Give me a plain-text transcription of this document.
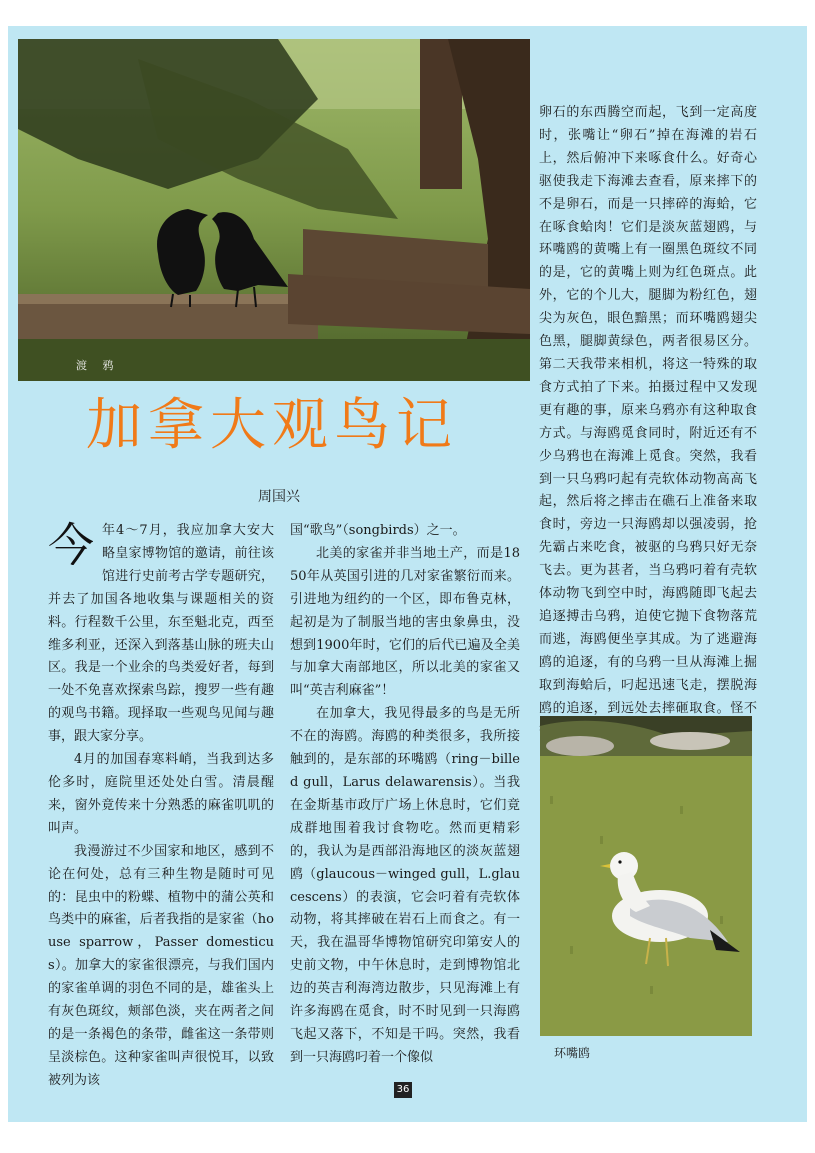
渡 鸦
加拿大观鸟记
周国兴

今年4～7月，我应加拿大安大略皇家博物馆的邀请，前往该馆进行史前考古学专题研究，并去了加国各地收集与课题相关的资料。行程数千公里，东至魁北克，西至维多利亚，还深入到落基山脉的班夫山区。我是一个业余的鸟类爱好者，每到一处不免喜欢探索鸟踪，搜罗一些有趣的观鸟书籍。现择取一些观鸟见闻与趣事，跟大家分享。

4月的加国春寒料峭，当我到达多伦多时，庭院里还处处白雪。清晨醒来，窗外竟传来十分熟悉的麻雀叽叽的叫声。

我漫游过不少国家和地区，感到不论在何处，总有三种生物是随时可见的：昆虫中的粉蝶、植物中的蒲公英和鸟类中的麻雀，后者我指的是家雀（house sparrow，Passer domesticus）。加拿大的家雀很漂亮，与我们国内的家雀单调的羽色不同的是，雄雀头上有灰色斑纹，颊部色淡，夹在两者之间的是一条褐色的条带，雌雀这一条带则呈淡棕色。这种家雀叫声很悦耳，以致被列为该

国“歌鸟”（songbirds）之一。

北美的家雀并非当地土产，而是1850年从英国引进的几对家雀繁衍而来。引进地为纽约的一个区，即布鲁克林，起初是为了制服当地的害虫象鼻虫，没想到1900年时，它们的后代已遍及全美与加拿大南部地区，所以北美的家雀又叫“英吉利麻雀”！

在加拿大，我见得最多的鸟是无所不在的海鸥。海鸥的种类很多，我所接触到的，是东部的环嘴鸥（ring－billed gull，Larus delawarensis）。当我在金斯基市政厅广场上休息时，它们竟成群地围着我讨食物吃。然而更精彩的，我认为是西部沿海地区的淡灰蓝翅鸥（glaucous－winged gull，L.glaucescens）的表演，它会叼着有壳软体动物，将其摔破在岩石上而食之。有一天，我在温哥华博物馆研究印第安人的史前文物，中午休息时，走到博物馆北边的英吉利海湾边散步，只见海滩上有许多海鸥在觅食，时不时见到一只海鸥飞起又落下，不知是干吗。突然，我看到一只海鸥叼着一个像似

卵石的东西腾空而起，飞到一定高度时，张嘴让“卵石”掉在海滩的岩石上，然后俯冲下来啄食什么。好奇心驱使我走下海滩去查看，原来摔下的不是卵石，而是一只摔碎的海蛤，它在啄食蛤肉！它们是淡灰蓝翅鸥，与环嘴鸥的黄嘴上有一圈黑色斑纹不同的是，它的黄嘴上则为红色斑点。此外，它的个儿大，腿脚为粉红色，翅尖为灰色，眼色黯黑；而环嘴鸥翅尖色黑，腿脚黄绿色，两者很易区分。第二天我带来相机，将这一特殊的取食方式拍了下来。拍摄过程中又发现更有趣的事，原来乌鸦亦有这种取食方式。与海鸥觅食同时，附近还有不少乌鸦也在海滩上觅食。突然，我看到一只乌鸦叼起有壳软体动物高高飞起，然后将之摔击在礁石上准备来取食时，旁边一只海鸥却以强凌弱，抢先霸占来吃食，被驱的乌鸦只好无奈飞去。更为甚者，当乌鸦叼着有壳软体动物飞到空中时，海鸥随即飞起去追逐搏击乌鸦，迫使它抛下食物落荒而逃，海鸥便坐享其成。为了逃避海鸥的追逐，有的乌鸦一旦从海滩上掘取到海蛤后，叼起迅速飞走，摆脱海鸥的追逐，到远处去摔砸取食。怪不

环嘴鸥
36
